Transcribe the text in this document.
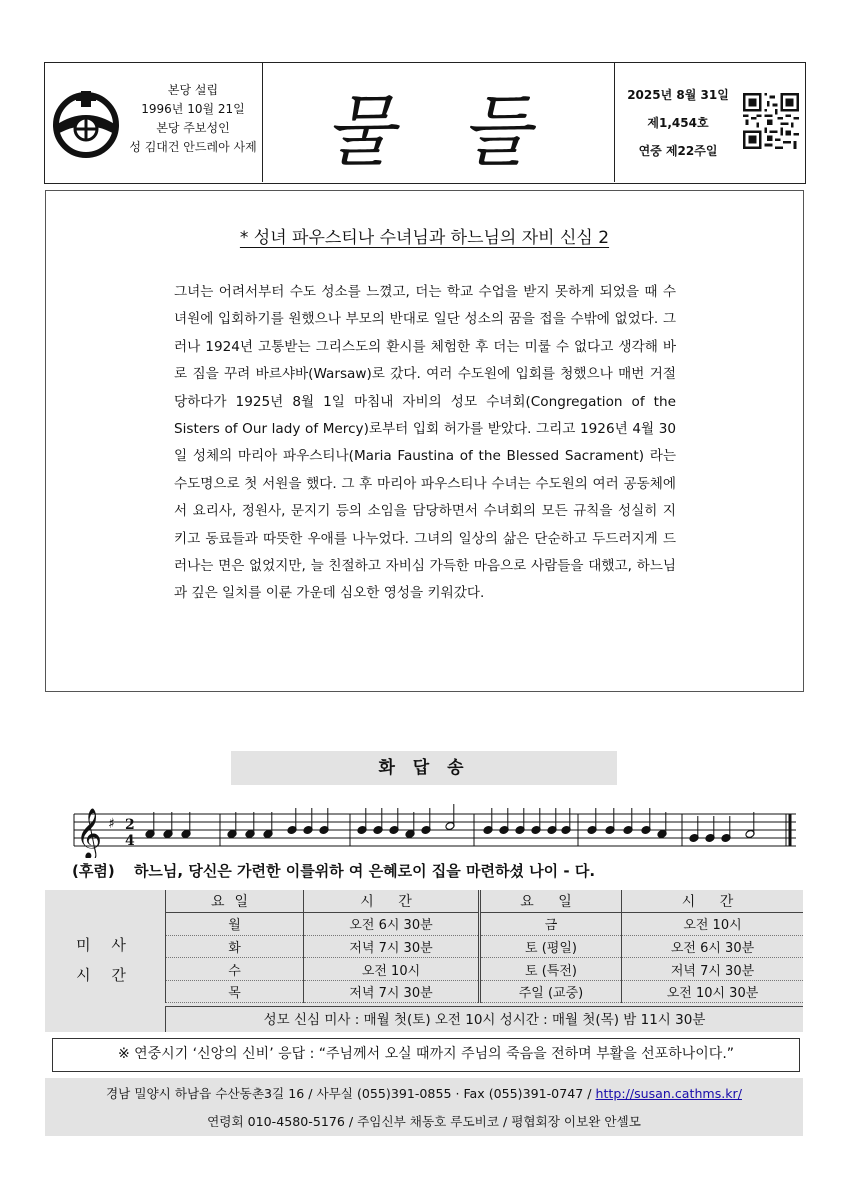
본당 설립
1996년 10월 21일
본당 주보성인
성 김대건 안드레아 사제 물 들	2025년 8월 31일
제1,454호
연중 제22주일
* 성녀 파우스티나 수녀님과 하느님의 자비 신심 2
그녀는 어려서부터 수도 성소를 느꼈고, 더는 학교 수업을 받지 못하게 되었을 때 수녀원에 입회하기를 원했으나 부모의 반대로 일단 성소의 꿈을 접을 수밖에 없었다. 그러나 1924년 고통받는 그리스도의 환시를 체험한 후 더는 미룰 수 없다고 생각해 바로 짐을 꾸려 바르샤바(Warsaw)로 갔다. 여러 수도원에 입회를 청했으나 매번 거절당하다가 1925년 8월 1일 마침내 자비의 성모 수녀회(Congregation of the Sisters of Our lady of Mercy)로부터 입회 허가를 받았다. 그리고 1926년 4월 30일 성체의 마리아 파우스티나(Maria Faustina of the Blessed Sacrament) 라는 수도명으로 첫 서원을 했다. 그 후 마리아 파우스티나 수녀는 수도원의 여러 공동체에서 요리사, 정원사, 문지기 등의 소임을 담당하면서 수녀회의 모든 규칙을 성실히 지키고 동료들과 따뜻한 우애를 나누었다. 그녀의 일상의 삶은 단순하고 두드러지게 드러나는 면은 없었지만, 늘 친절하고 자비심 가득한 마음으로 사람들을 대했고, 하느님과 깊은 일치를 이룬 가운데 심오한 영성을 키워갔다.
화 답 송
𝄞 ♯ 2
4
(후렴) 하느님, 당신은 가련한 이를위하 여 은혜로이 집을 마련하셨 나이 - 다.
미 사
시 간
요일	시 간	요 일	시 간
월	오전 6시 30분	금	오전 10시
화	저녁 7시 30분	토 (평일)	오전 6시 30분
수	오전 10시	토 (특전)	저녁 7시 30분
목	저녁 7시 30분	주일 (교중)	오전 10시 30분
성모 신심 미사 : 매월 첫(토) 오전 10시 성시간 : 매월 첫(목) 밤 11시 30분
※ 연중시기 ‘신앙의 신비’ 응답 : “주님께서 오실 때까지 주님의 죽음을 전하며 부활을 선포하나이다.”
경남 밀양시 하남읍 수산동촌3길 16 / 사무실 (055)391-0855 · Fax (055)391-0747 / http://susan.cathms.kr/
연령회 010-4580-5176 / 주임신부 채동호 루도비코 / 평협회장 이보완 안셀모
